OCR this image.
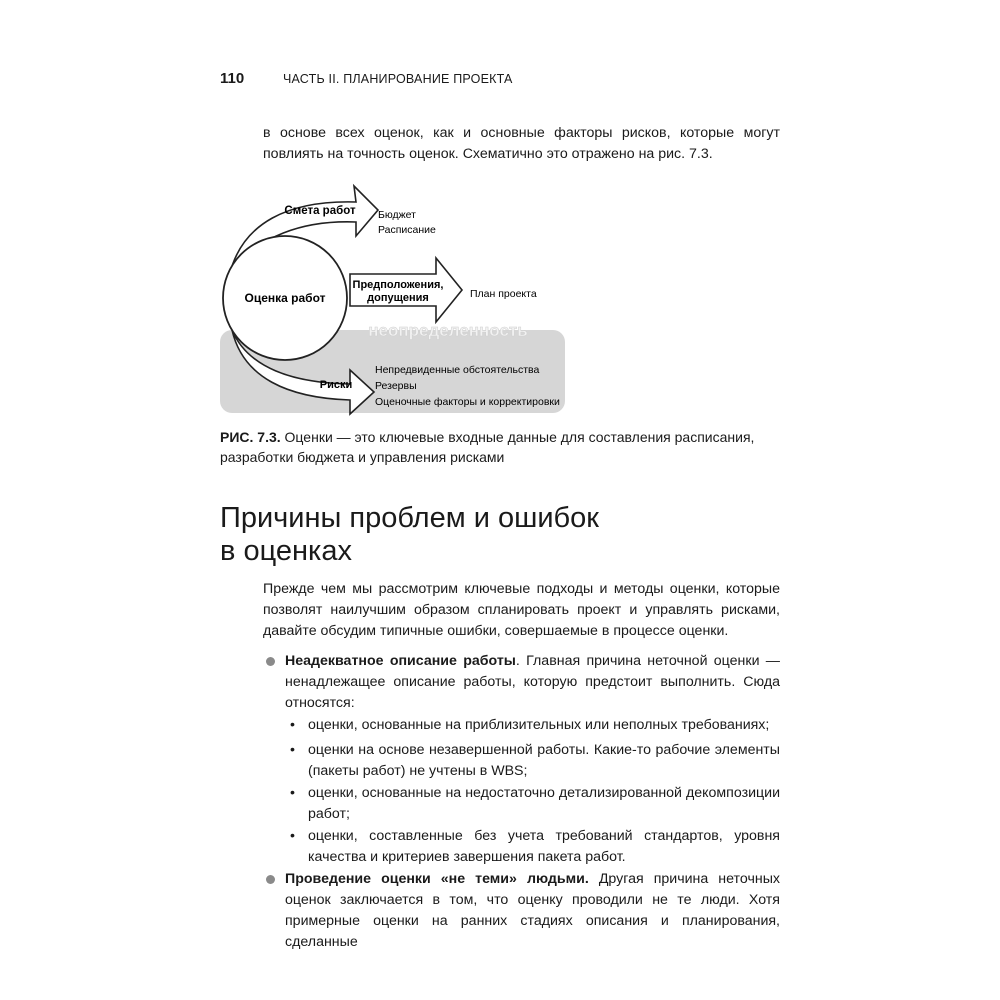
110	ЧАСТЬ II. ПЛАНИРОВАНИЕ ПРОЕКТА

в основе всех оценок, как и основные факторы рисков, которые могут повлиять на точность оценок. Схематично это отражено на рис. 7.3.

неопределенность
Смета работ Бюджет
Расписание
Предположения,
допущения	План проекта
Риски
Непредвиденные обстоятельства
Резервы
Оценочные факторы и корректировки
Оценка работ
РИС. 7.3. Оценки — это ключевые входные данные для составления расписания, разработки бюджета и управления рисками
Причины проблем и ошибок
в оценках

Прежде чем мы рассмотрим ключевые подходы и методы оценки, которые позволят наилучшим образом спланировать проект и управлять рисками, давайте обсудим типичные ошибки, совершаемые в процессе оценки.

Неадекватное описание работы. Главная причина неточной оценки — ненадлежащее описание работы, которую предстоит выполнить. Сюда относятся:
• оценки, основанные на приблизительных или неполных требованиях;
• оценки на основе незавершенной работы. Какие-то рабочие элементы (пакеты работ) не учтены в WBS;
• оценки, основанные на недостаточно детализированной декомпозиции работ;
• оценки, составленные без учета требований стандартов, уровня качества и критериев завершения пакета работ.
Проведение оценки «не теми» людьми. Другая причина неточных оценок заключается в том, что оценку проводили не те люди. Хотя примерные оценки на ранних стадиях описания и планирования, сделанные
